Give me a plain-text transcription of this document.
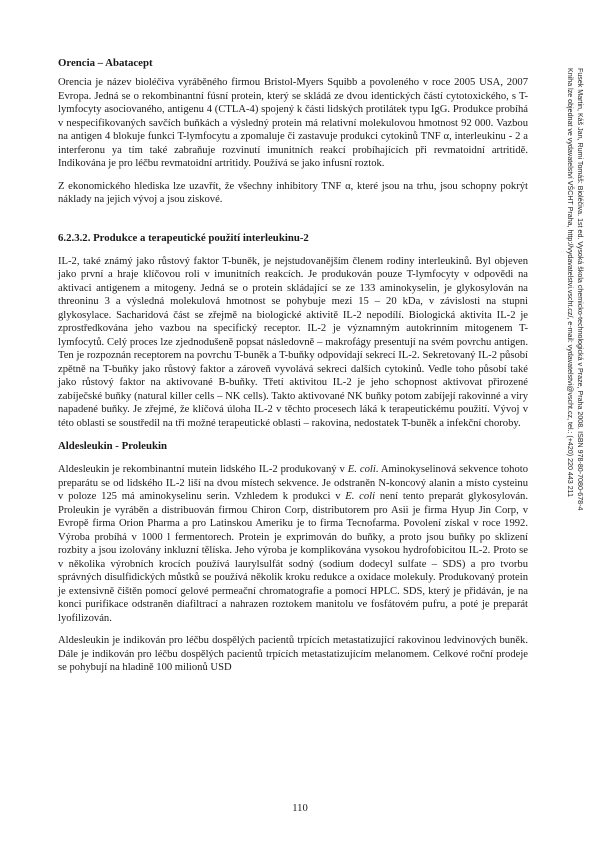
Orencia – Abatacept

Orencia je název bioléčiva vyráběného firmou Bristol-Myers Squibb a povoleného v roce 2005 USA, 2007 Evropa. Jedná se o rekombinantní fúsní protein, který se skládá ze dvou identických částí cytotoxického, s T-lymfocyty asociovaného, antigenu 4 (CTLA-4) spojený k části lidských protilátek typu IgG. Produkce probíhá v nespecifikovaných savčích buňkách a výsledný protein má relativní molekulovou hmotnost 92 000. Vazbou na antigen 4 blokuje funkci T-lymfocytu a zpomaluje či zastavuje produkci cytokinů TNF α, interleukinu - 2 a interferonu ya tím také zabraňuje rozvinutí imunitních reakcí probíhajících při revmatoidní artritidě. Indikována je pro léčbu revmatoidní artritidy. Používá se jako infusní roztok.

Z ekonomického hlediska lze uzavřít, že všechny inhibitory TNF α, které jsou na trhu, jsou schopny pokrýt náklady na jejich vývoj a jsou ziskové.

6.2.3.2. Produkce a terapeutické použití interleukinu-2

IL-2, také známý jako růstový faktor T-buněk, je nejstudovanějším členem rodiny interleukinů. Byl objeven jako první a hraje klíčovou roli v imunitních reakcích. Je produkován pouze T-lymfocyty v odpovědi na aktivaci antigenem a mitogeny. Jedná se o protein skládající se ze 133 aminokyselin, je glykosylován na threoninu 3 a výsledná molekulová hmotnost se pohybuje mezi 15 – 20 kDa, v závislosti na stupni glykosylace. Sacharidová část se zřejmě na biologické aktivitě IL-2 nepodílí. Biologická aktivita IL-2 je zprostředkována jeho vazbou na specifický receptor. IL-2 je významným autokrinním mitogenem T- lymfocytů. Celý proces lze zjednodušeně popsat následovně – makrofágy presentují na svém povrchu antigen. Ten je rozpoznán receptorem na povrchu T-buněk a T-buňky odpovídají sekrecí IL-2. Sekretovaný IL-2 působí zpětně na T-buňky jako růstový faktor a zároveň vyvolává sekreci dalších cytokinů. Vedle toho působí také jako růstový faktor na aktivované B-buňky. Třetí aktivitou IL-2 je jeho schopnost aktivovat přirozené zabíječské buňky (natural killer cells – NK cells). Takto aktivované NK buňky potom zabíjejí rakovinné a viry napadené buňky. Je zřejmé, že klíčová úloha IL-2 v těchto procesech láká k terapeutickému použití. Vývoj v této oblasti se soustředil na tři možné terapeutické oblasti – rakovina, nedostatek T-buněk a infekční choroby.

Aldesleukin - Proleukin

Aldesleukin je rekombinantní mutein lidského IL-2 produkovaný v E. coli. Aminokyselinová sekvence tohoto preparátu se od lidského IL-2 liší na dvou místech sekvence. Je odstraněn N-koncový alanin a místo cysteinu v poloze 125 má aminokyselinu serin. Vzhledem k produkci v E. coli není tento preparát glykosylován. Proleukin je vyráběn a distribuován firmou Chiron Corp, distributorem pro Asii je firma Hyup Jin Corp, v Evropě firma Orion Pharma a pro Latinskou Ameriku je to firma Tecnofarma. Povolení získal v roce 1992. Výroba probíhá v 1000 l fermentorech. Protein je exprimován do buňky, a proto jsou buňky po sklizení rozbity a jsou izolovány inkluzní tělíska. Jeho výroba je komplikována vysokou hydrofobicitou IL-2. Proto se v několika výrobních krocích používá laurylsulfát sodný (sodium dodecyl sulfate – SDS) a pro tvorbu správných disulfidických můstků se používá několik kroku redukce a oxidace molekuly. Produkovaný protein je extensivně čištěn pomocí gelové permeační chromatografie a pomocí HPLC. SDS, který je přidáván, je na konci purifikace odstraněn diafiltrací a nahrazen roztokem manitolu ve fosfátovém pufru, a poté je preparát lyofilizován.

Aldesleukin je indikován pro léčbu dospělých pacientů trpících metastatizující rakovinou ledvinových buněk. Dále je indikován pro léčbu dospělých pacientů trpících metastatizujícím melanomem. Celkové roční prodeje se pohybují na hladině 100 milionů USD

Fusek Martin, Káš Jan, Rumi Tomáš: Bioléčiva. 1st ed. Vysoká škola chemicko-technologická v Praze, Praha 2008. ISBN 978-80-7080-678-4
Kniha lze objednat ve vydavatelství VŠCHT Praha, http://vydavatelstvi.vscht.cz/, e-mail: vydavatelstvi@vscht.cz, tel.: (+420) 220 443 211
110
